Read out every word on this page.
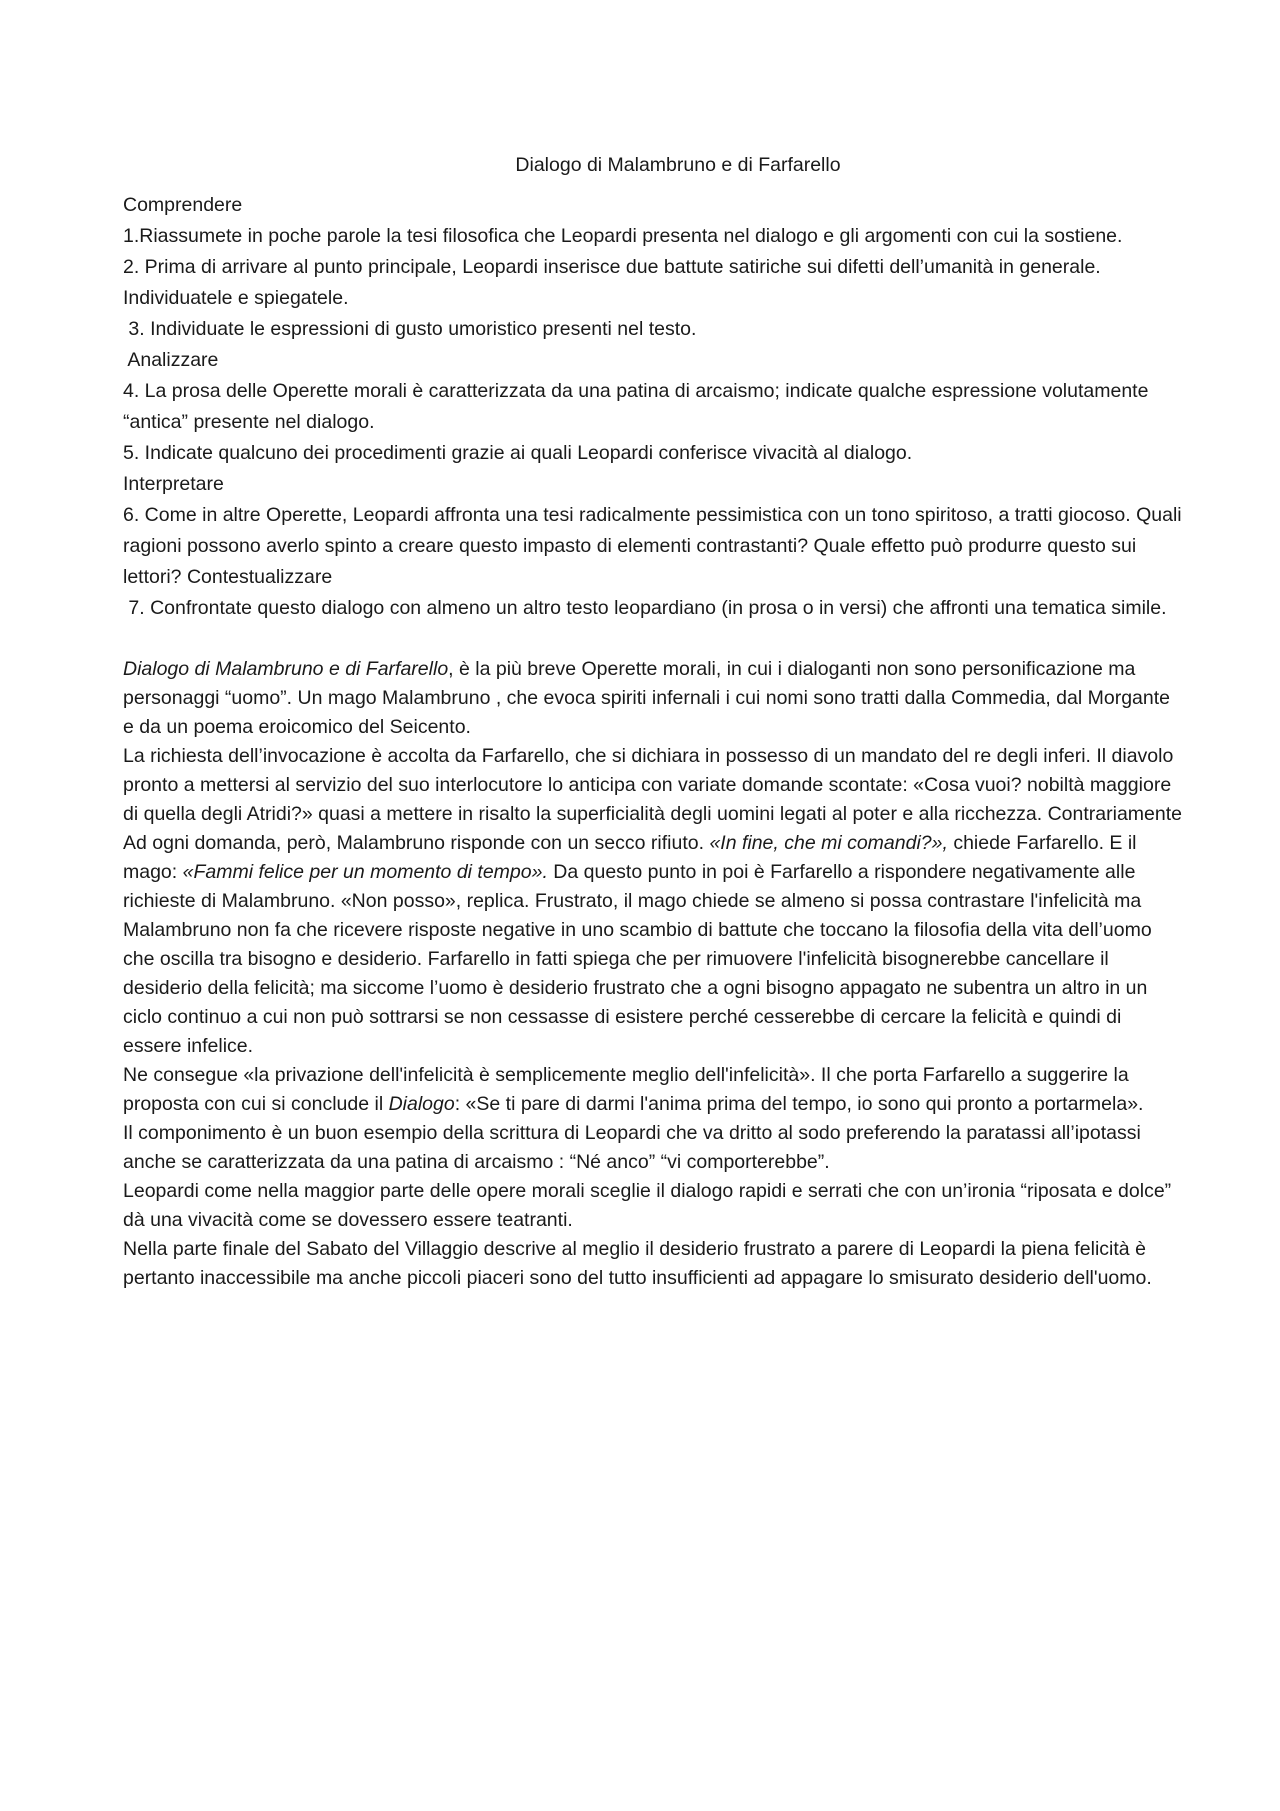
Dialogo di Malambruno e di Farfarello

Comprendere

1.Riassumete in poche parole la tesi filosofica che Leopardi presenta nel dialogo e gli argomenti con cui la sostiene.

2. Prima di arrivare al punto principale, Leopardi inserisce due battute satiriche sui difetti dell’umanità in generale. Individuatele e spiegatele.

3. Individuate le espressioni di gusto umoristico presenti nel testo.

Analizzare

4. La prosa delle Operette morali è caratterizzata da una patina di arcaismo; indicate qualche espressione volutamente “antica” presente nel dialogo.

5. Indicate qualcuno dei procedimenti grazie ai quali Leopardi conferisce vivacità al dialogo.

Interpretare

6. Come in altre Operette, Leopardi affronta una tesi radicalmente pessimistica con un tono spiritoso, a tratti giocoso. Quali ragioni possono averlo spinto a creare questo impasto di elementi contrastanti? Quale effetto può produrre questo sui lettori? Contestualizzare

7. Confrontate questo dialogo con almeno un altro testo leopardiano (in prosa o in versi) che affronti una tematica simile.

Dialogo di Malambruno e di Farfarello, è la più breve Operette morali, in cui i dialoganti non sono personificazione ma personaggi “uomo”. Un mago Malambruno , che evoca spiriti infernali i cui nomi sono tratti dalla Commedia, dal Morgante e da un poema eroicomico del Seicento.

La richiesta dell’invocazione è accolta da Farfarello, che si dichiara in possesso di un mandato del re degli inferi. Il diavolo pronto a mettersi al servizio del suo interlocutore lo anticipa con variate domande scontate: «Cosa vuoi? nobiltà maggiore di quella degli Atridi?» quasi a mettere in risalto la superficialità degli uomini legati al poter e alla ricchezza. Contrariamente Ad ogni domanda, però, Malambruno risponde con un secco rifiuto. «In fine, che mi comandi?», chiede Farfarello. E il mago: «Fammi felice per un momento di tempo». Da questo punto in poi è Farfarello a rispondere negativamente alle richieste di Malambruno. «Non posso», replica. Frustrato, il mago chiede se almeno si possa contrastare l'infelicità ma Malambruno non fa che ricevere risposte negative in uno scambio di battute che toccano la filosofia della vita dell’uomo che oscilla tra bisogno e desiderio. Farfarello in fatti spiega che per rimuovere l'infelicità bisognerebbe cancellare il desiderio della felicità; ma siccome l’uomo è desiderio frustrato che a ogni bisogno appagato ne subentra un altro in un ciclo continuo a cui non può sottrarsi se non cessasse di esistere perché cesserebbe di cercare la felicità e quindi di essere infelice.

Ne consegue «la privazione dell'infelicità è semplicemente meglio dell'infelicità». Il che porta Farfarello a suggerire la proposta con cui si conclude il Dialogo: «Se ti pare di darmi l'anima prima del tempo, io sono qui pronto a portarmela».

Il componimento è un buon esempio della scrittura di Leopardi che va dritto al sodo preferendo la paratassi all’ipotassi anche se caratterizzata da una patina di arcaismo : “Né anco” “vi comporterebbe”.

Leopardi come nella maggior parte delle opere morali sceglie il dialogo rapidi e serrati che con un’ironia “riposata e dolce” dà una vivacità come se dovessero essere teatranti.

Nella parte finale del Sabato del Villaggio descrive al meglio il desiderio frustrato a parere di Leopardi la piena felicità è pertanto inaccessibile ma anche piccoli piaceri sono del tutto insufficienti ad appagare lo smisurato desiderio dell'uomo.
